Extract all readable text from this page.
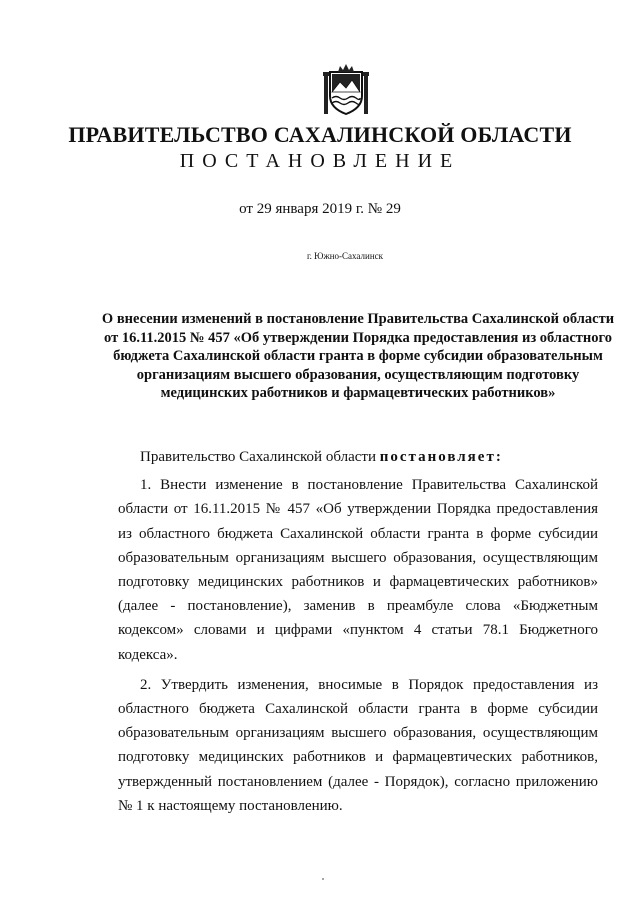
ПРАВИТЕЛЬСТВО САХАЛИНСКОЙ ОБЛАСТИ
ПОСТАНОВЛЕНИЕ
от 29 января 2019 г. № 29
г. Южно-Сахалинск
О внесении изменений в постановление Правительства Сахалинской области от 16.11.2015 № 457 «Об утверждении Порядка предоставления из областного бюджета Сахалинской области гранта в форме субсидии образовательным организациям высшего образования, осуществляющим подготовку медицинских работников и фармацевтических работников»

Правительство Сахалинской области постановляет:

1. Внести изменение в постановление Правительства Сахалинской области от 16.11.2015 № 457 «Об утверждении Порядка предоставления из областного бюджета Сахалинской области гранта в форме субсидии образовательным организациям высшего образования, осуществляющим подготовку медицинских работников и фармацевтических работников» (далее - постановление), заменив в преамбуле слова «Бюджетным кодексом» словами и цифрами «пунктом 4 статьи 78.1 Бюджетного кодекса».

2. Утвердить изменения, вносимые в Порядок предоставления из областного бюджета Сахалинской области гранта в форме субсидии образовательным организациям высшего образования, осуществляющим подготовку медицинских работников и фармацевтических работников, утвержденный постановлением (далее - Порядок), согласно приложению № 1 к настоящему постановлению.
